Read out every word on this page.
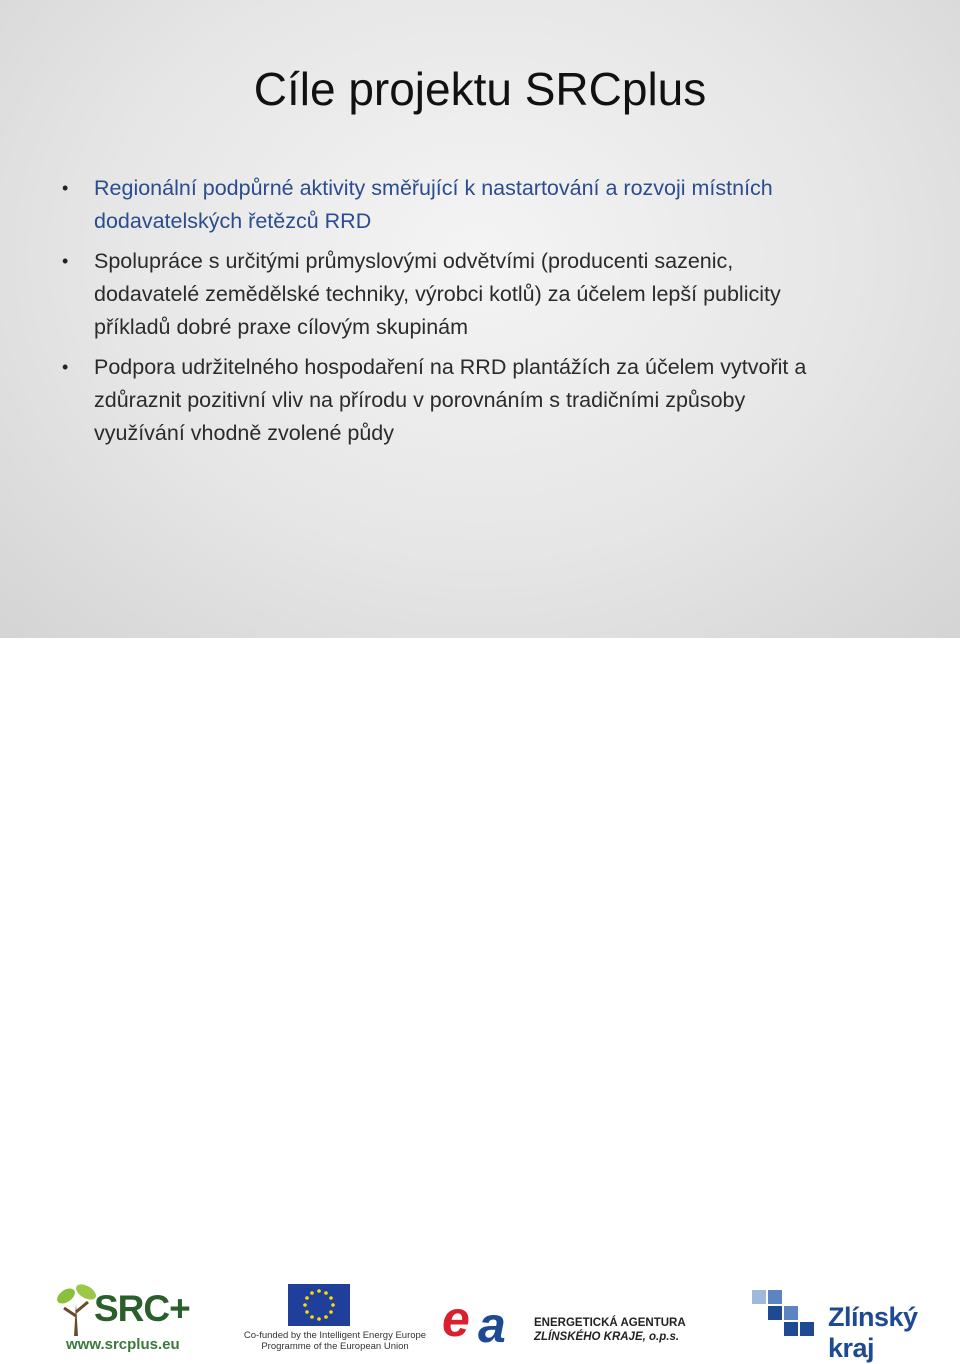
Cíle projektu SRCplus
• Regionální podpůrné aktivity směřující k nastartování a rozvoji místních
dodavatelských řetězců RRD
• Spolupráce s určitými průmyslovými odvětvími (producenti sazenic,
dodavatelé zemědělské techniky, výrobci kotlů) za účelem lepší publicity
příkladů dobré praxe cílovým skupinám
• Podpora udržitelného hospodaření na RRD plantážích za účelem vytvořit a
zdůraznit pozitivní vliv na přírodu v porovnáním s tradičními způsoby
využívání vhodně zvolené půdy
SRC+
www.srcplus.eu
Co-funded by the Intelligent Energy Europe
Programme of the European Union e a ENERGETICKÁ AGENTURA
ZLÍNSKÉHO KRAJE, o.p.s.
Zlínský kraj
